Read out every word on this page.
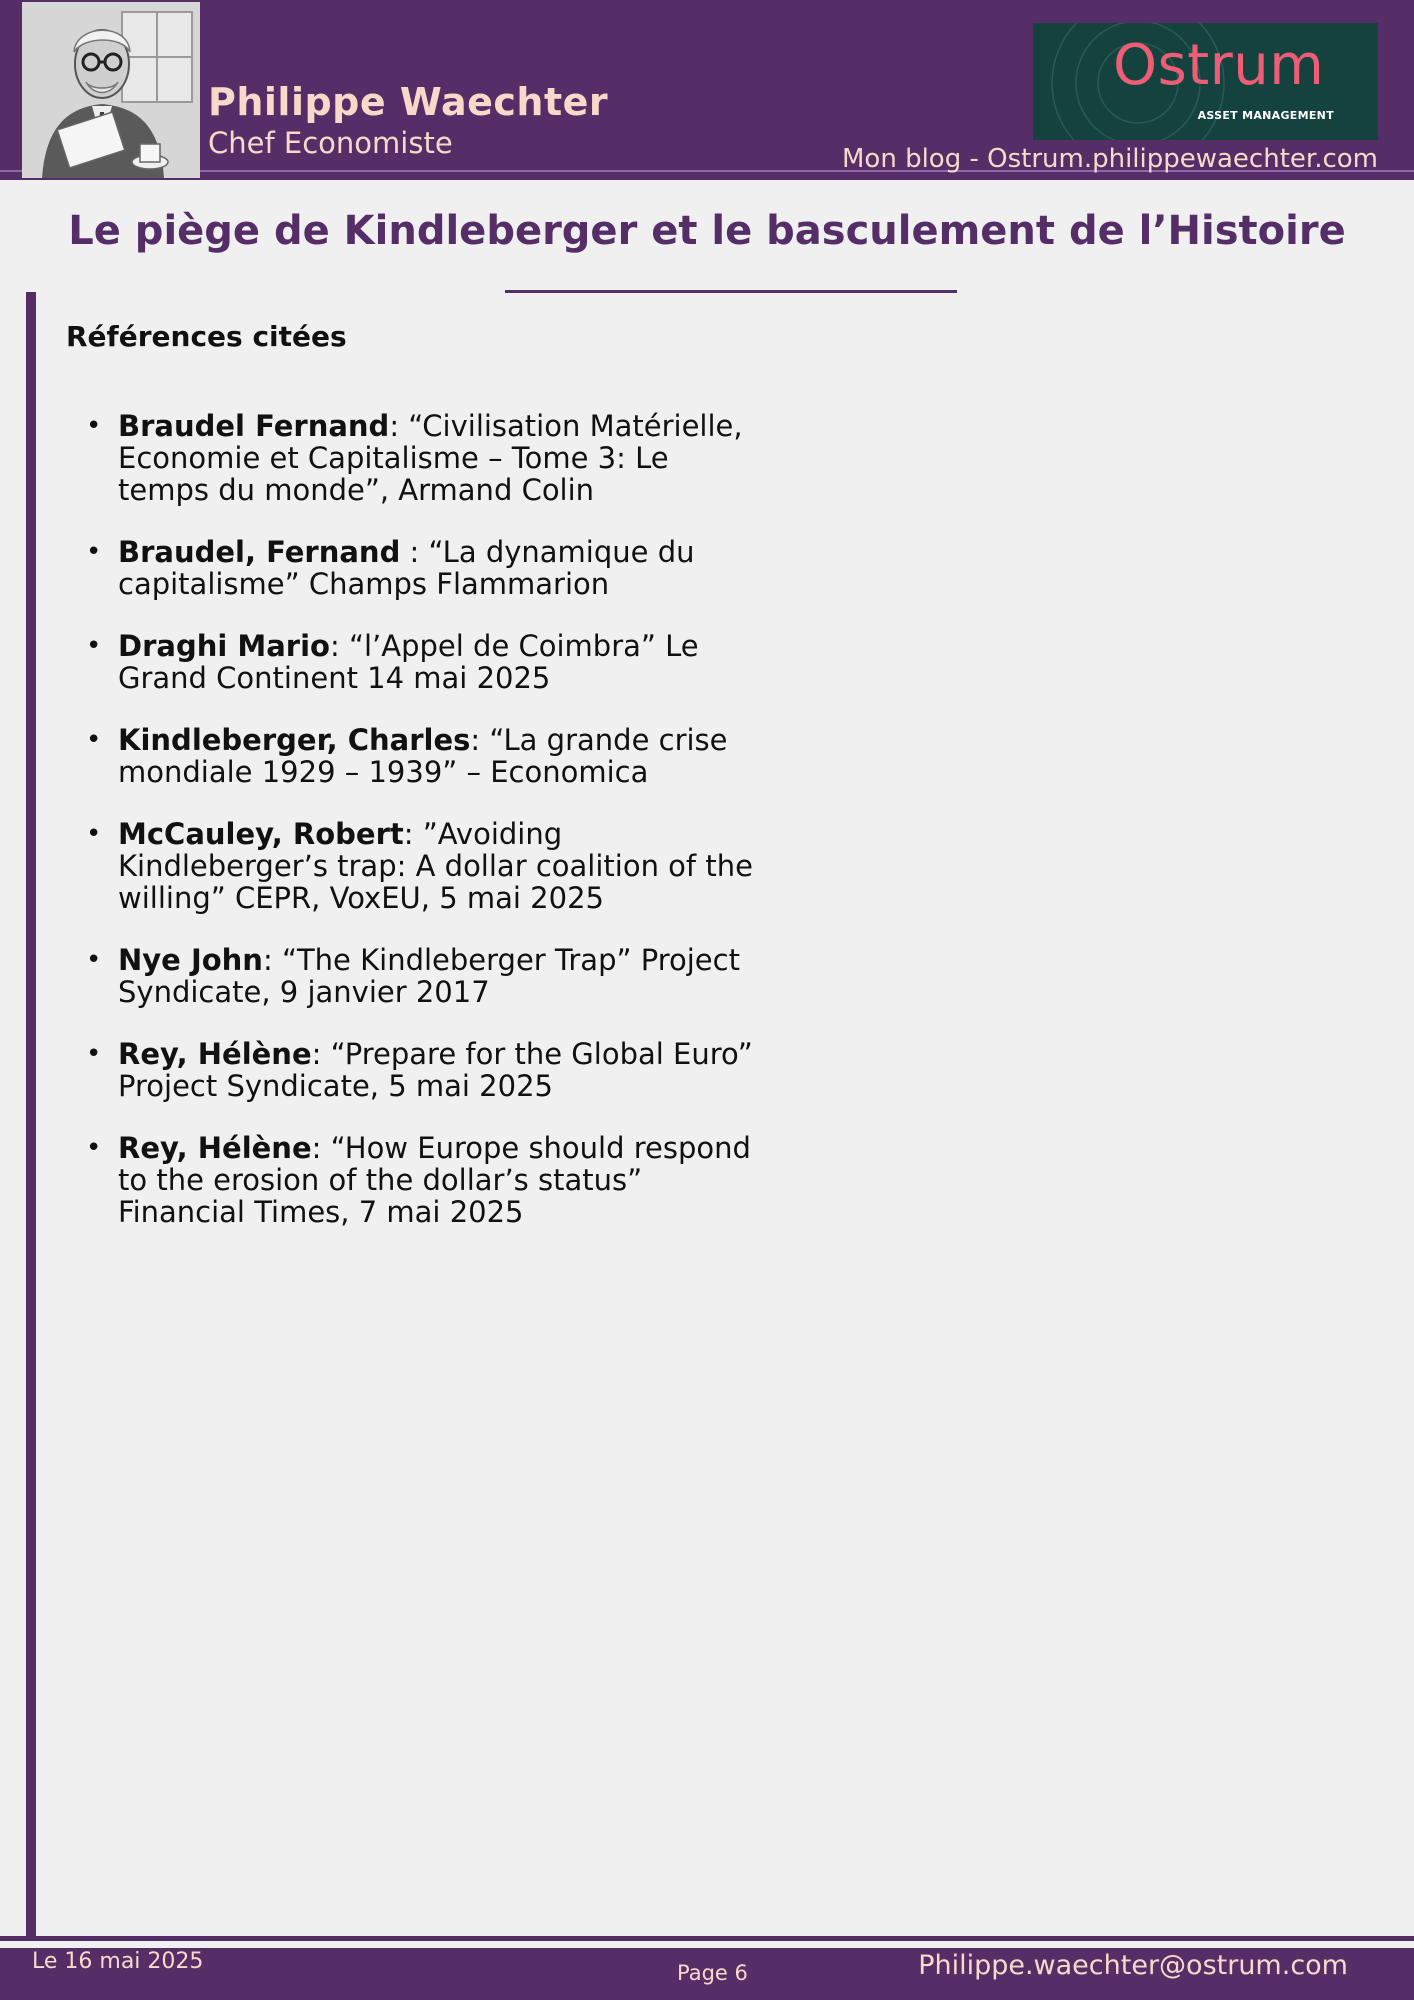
Philippe Waechter
Chef Economiste
Ostrum
ASSET MANAGEMENT
Mon blog - Ostrum.philippewaechter.com
Le piège de Kindleberger et le basculement de l’Histoire
Références citées
• Braudel Fernand: “Civilisation Matérielle, Economie et Capitalisme – Tome 3: Le temps du monde”, Armand Colin
• Braudel, Fernand : “La dynamique du capitalisme” Champs Flammarion
• Draghi Mario: “l’Appel de Coimbra” Le Grand Continent 14 mai 2025
• Kindleberger, Charles: “La grande crise mondiale 1929 – 1939” – Economica
• McCauley, Robert: ”Avoiding Kindleberger’s trap: A dollar coalition of the willing” CEPR, VoxEU, 5 mai 2025
• Nye John: “The Kindleberger Trap” Project Syndicate, 9 janvier 2017
• Rey, Hélène: “Prepare for the Global Euro” Project Syndicate, 5 mai 2025
• Rey, Hélène: “How Europe should respond to the erosion of the dollar’s status” Financial Times, 7 mai 2025
Le 16 mai 2025	Page 6	Philippe.waechter@ostrum.com
